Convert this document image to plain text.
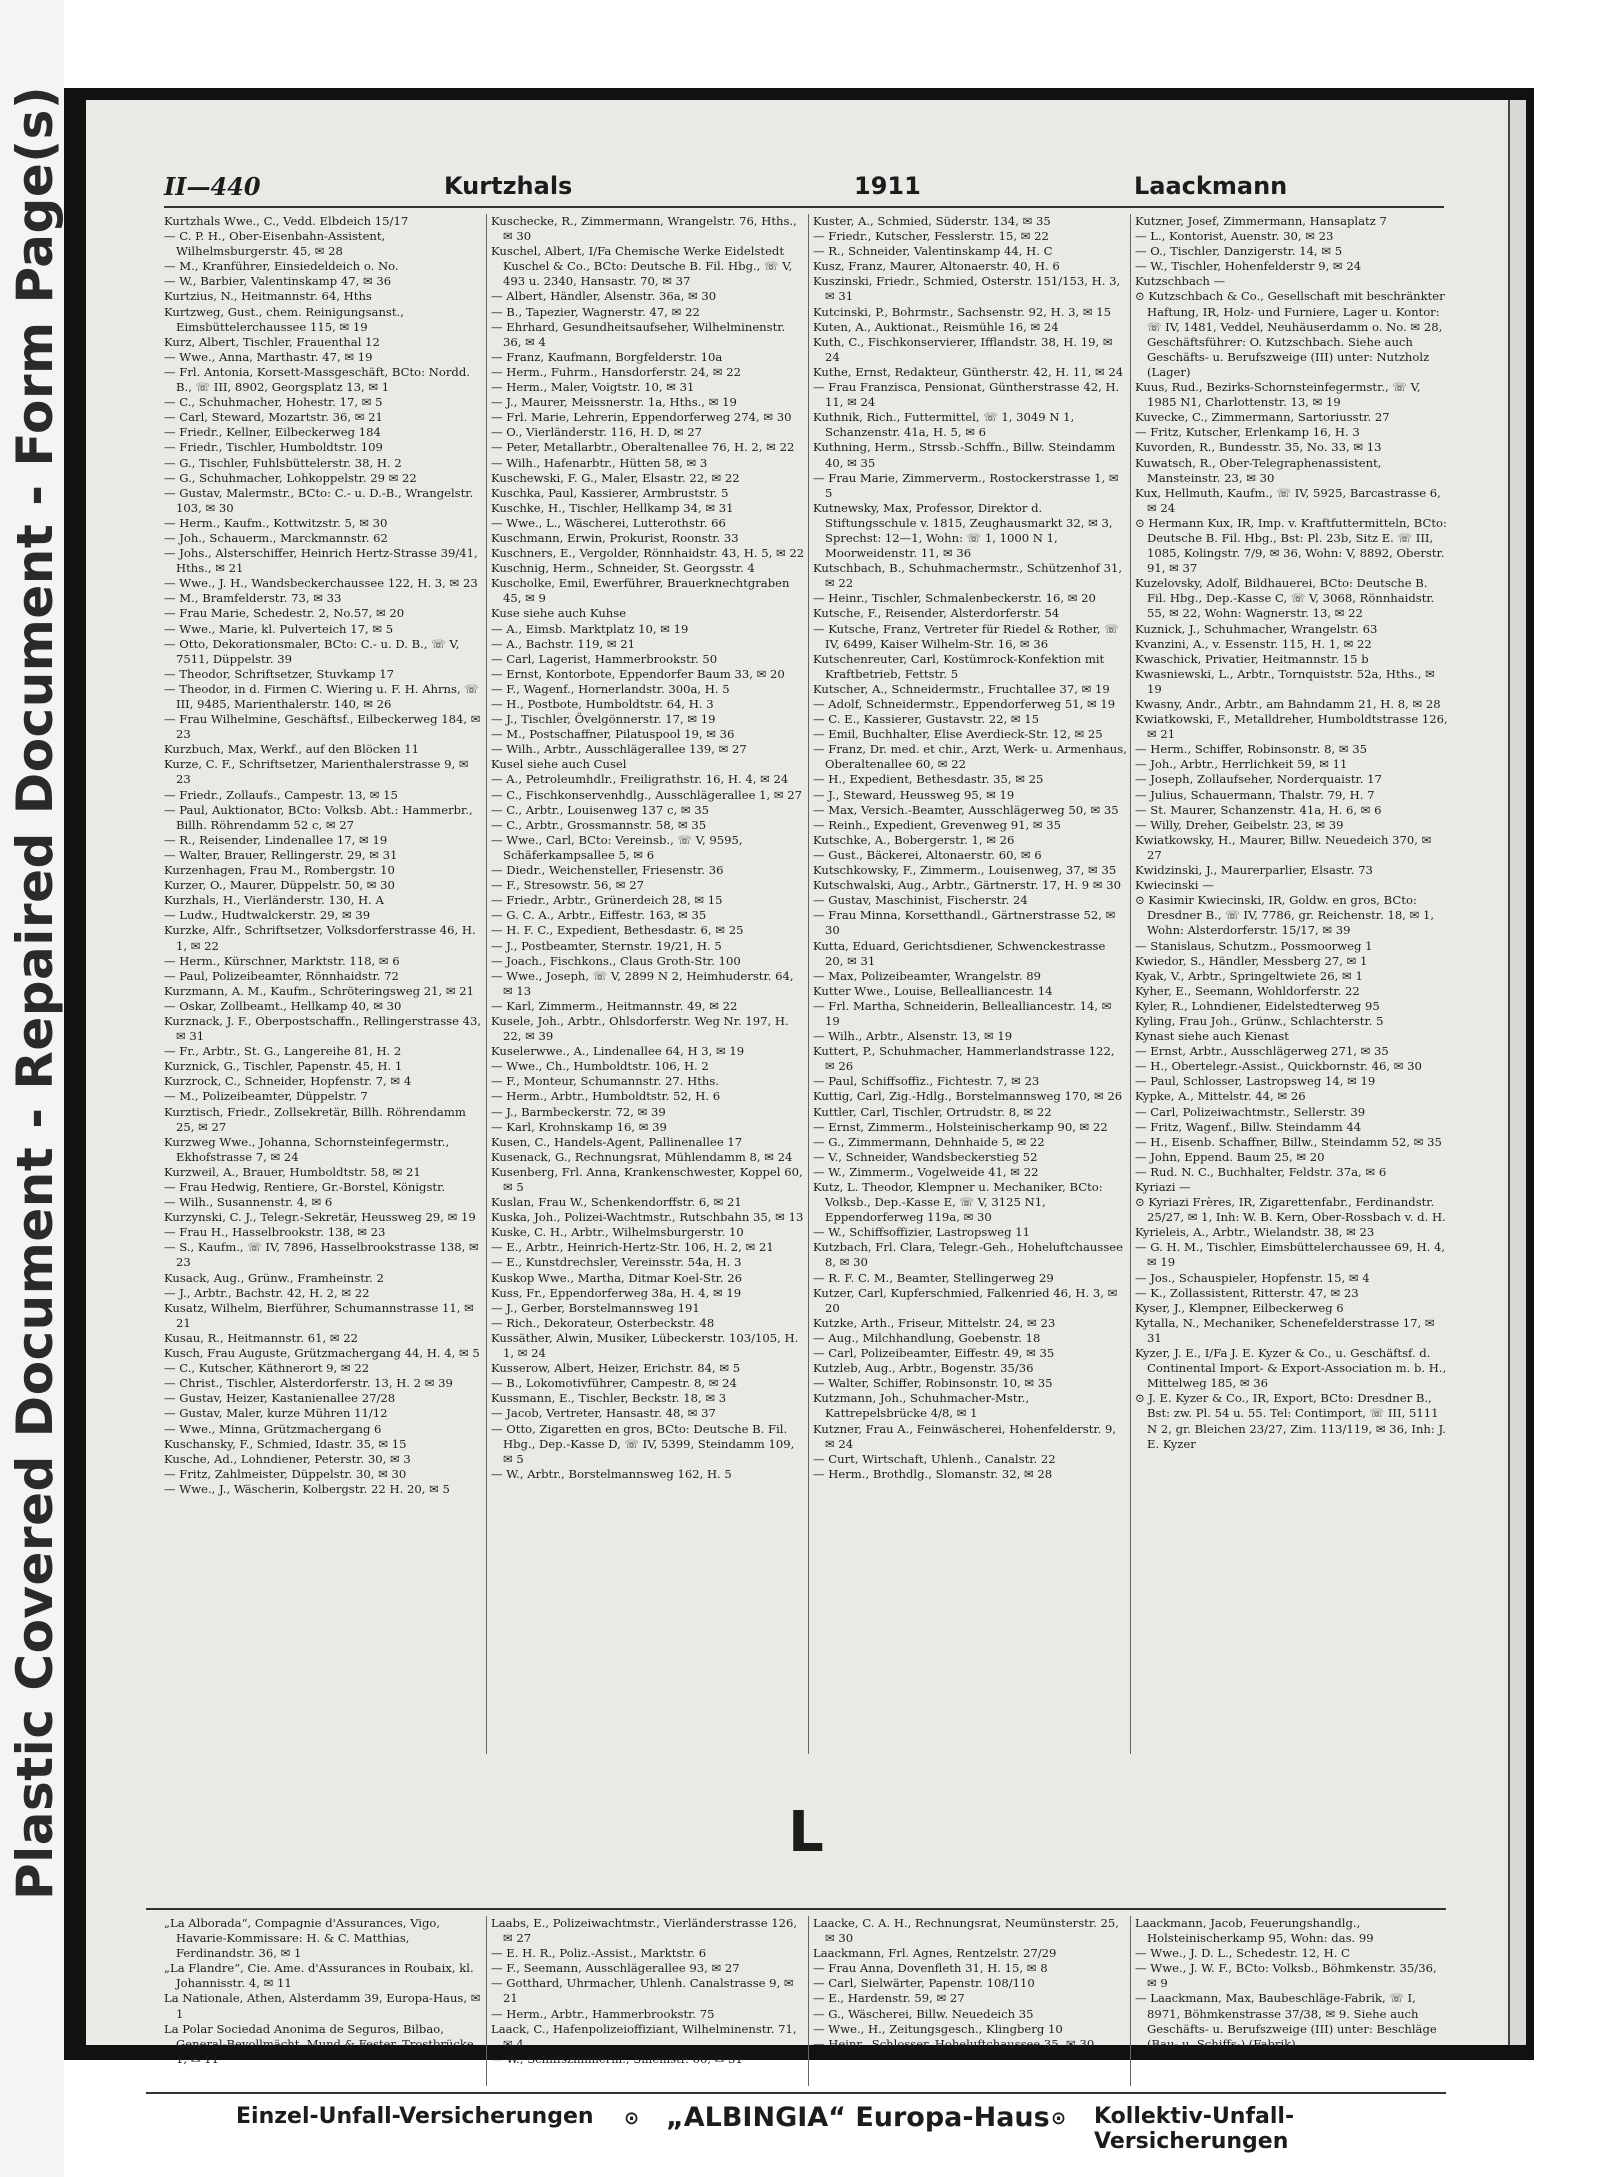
Plastic Covered Document - Repaired Document - Form Page(s)	II—440	Kurtzhals	1911	Laackmann

Kurtzhals Wwe., C., Vedd. Elbdeich 15/17

— C. P. H., Ober-Eisenbahn-Assistent, Wilhelmsburgerstr. 45, ✉ 28

— M., Kranführer, Einsiedeldeich o. No.

— W., Barbier, Valentinskamp 47, ✉ 36

Kurtzius, N., Heitmannstr. 64, Hths

Kurtzweg, Gust., chem. Reinigungsanst., Eimsbüttelerchaussee 115, ✉ 19

Kurz, Albert, Tischler, Frauenthal 12

— Wwe., Anna, Marthastr. 47, ✉ 19

— Frl. Antonia, Korsett-Massgeschäft, BCto: Nordd. B., ☏ III, 8902, Georgsplatz 13, ✉ 1

— C., Schuhmacher, Hohestr. 17, ✉ 5

— Carl, Steward, Mozartstr. 36, ✉ 21

— Friedr., Kellner, Eilbeckerweg 184

— Friedr., Tischler, Humboldtstr. 109

— G., Tischler, Fuhlsbüttelerstr. 38, H. 2

— G., Schuhmacher, Lohkoppelstr. 29 ✉ 22

— Gustav, Malermstr., BCto: C.- u. D.-B., Wrangelstr. 103, ✉ 30

— Herm., Kaufm., Kottwitzstr. 5, ✉ 30

— Joh., Schauerm., Marckmannstr. 62

— Johs., Alsterschiffer, Heinrich Hertz-Strasse 39/41, Hths., ✉ 21

— Wwe., J. H., Wandsbeckerchaussee 122, H. 3, ✉ 23

— M., Bramfelderstr. 73, ✉ 33

— Frau Marie, Schedestr. 2, No.57, ✉ 20

— Wwe., Marie, kl. Pulverteich 17, ✉ 5

— Otto, Dekorationsmaler, BCto: C.- u. D. B., ☏ V, 7511, Düppelstr. 39

— Theodor, Schriftsetzer, Stuvkamp 17

— Theodor, in d. Firmen C. Wiering u. F. H. Ahrns, ☏ III, 9485, Marienthalerstr. 140, ✉ 26

— Frau Wilhelmine, Geschäftsf., Eilbeckerweg 184, ✉ 23

Kurzbuch, Max, Werkf., auf den Blöcken 11

Kurze, C. F., Schriftsetzer, Marienthalerstrasse 9, ✉ 23

— Friedr., Zollaufs., Campestr. 13, ✉ 15

— Paul, Auktionator, BCto: Volksb. Abt.: Hammerbr., Billh. Röhrendamm 52 c, ✉ 27

— R., Reisender, Lindenallee 17, ✉ 19

— Walter, Brauer, Rellingerstr. 29, ✉ 31

Kurzenhagen, Frau M., Rombergstr. 10

Kurzer, O., Maurer, Düppelstr. 50, ✉ 30

Kurzhals, H., Vierländerstr. 130, H. A

— Ludw., Hudtwalckerstr. 29, ✉ 39

Kurzke, Alfr., Schriftsetzer, Volksdorferstrasse 46, H. 1, ✉ 22

— Herm., Kürschner, Marktstr. 118, ✉ 6

— Paul, Polizeibeamter, Rönnhaidstr. 72

Kurzmann, A. M., Kaufm., Schröteringsweg 21, ✉ 21

— Oskar, Zollbeamt., Hellkamp 40, ✉ 30

Kurznack, J. F., Oberpostschaffn., Rellingerstrasse 43, ✉ 31

— Fr., Arbtr., St. G., Langereihe 81, H. 2

Kurznick, G., Tischler, Papenstr. 45, H. 1

Kurzrock, C., Schneider, Hopfenstr. 7, ✉ 4

— M., Polizeibeamter, Düppelstr. 7

Kurztisch, Friedr., Zollsekretär, Billh. Röhrendamm 25, ✉ 27

Kurzweg Wwe., Johanna, Schornsteinfegermstr., Ekhofstrasse 7, ✉ 24

Kurzweil, A., Brauer, Humboldtstr. 58, ✉ 21

— Frau Hedwig, Rentiere, Gr.-Borstel, Königstr.

— Wilh., Susannenstr. 4, ✉ 6

Kurzynski, C. J., Telegr.-Sekretär, Heussweg 29, ✉ 19

— Frau H., Hasselbrookstr. 138, ✉ 23

— S., Kaufm., ☏ IV, 7896, Hasselbrookstrasse 138, ✉ 23

Kusack, Aug., Grünw., Framheinstr. 2

— J., Arbtr., Bachstr. 42, H. 2, ✉ 22

Kusatz, Wilhelm, Bierführer, Schumannstrasse 11, ✉ 21

Kusau, R., Heitmannstr. 61, ✉ 22

Kusch, Frau Auguste, Grützmachergang 44, H. 4, ✉ 5

— C., Kutscher, Käthnerort 9, ✉ 22

— Christ., Tischler, Alsterdorferstr. 13, H. 2 ✉ 39

— Gustav, Heizer, Kastanienallee 27/28

— Gustav, Maler, kurze Mühren 11/12

— Wwe., Minna, Grützmachergang 6

Kuschansky, F., Schmied, Idastr. 35, ✉ 15

Kusche, Ad., Lohndiener, Peterstr. 30, ✉ 3

— Fritz, Zahlmeister, Düppelstr. 30, ✉ 30

— Wwe., J., Wäscherin, Kolbergstr. 22 H. 20, ✉ 5

Kuschecke, R., Zimmermann, Wrangelstr. 76, Hths., ✉ 30

Kuschel, Albert, I/Fa Chemische Werke Eidelstedt Kuschel & Co., BCto: Deutsche B. Fil. Hbg., ☏ V, 493 u. 2340, Hansastr. 70, ✉ 37

— Albert, Händler, Alsenstr. 36a, ✉ 30

— B., Tapezier, Wagnerstr. 47, ✉ 22

— Ehrhard, Gesundheitsaufseher, Wilhelminenstr. 36, ✉ 4

— Franz, Kaufmann, Borgfelderstr. 10a

— Herm., Fuhrm., Hansdorferstr. 24, ✉ 22

— Herm., Maler, Voigtstr. 10, ✉ 31

— J., Maurer, Meissnerstr. 1a, Hths., ✉ 19

— Frl. Marie, Lehrerin, Eppendorferweg 274, ✉ 30

— O., Vierländerstr. 116, H. D, ✉ 27

— Peter, Metallarbtr., Oberaltenallee 76, H. 2, ✉ 22

— Wilh., Hafenarbtr., Hütten 58, ✉ 3

Kuschewski, F. G., Maler, Elsastr. 22, ✉ 22

Kuschka, Paul, Kassierer, Armbruststr. 5

Kuschke, H., Tischler, Hellkamp 34, ✉ 31

— Wwe., L., Wäscherei, Lutterothstr. 66

Kuschmann, Erwin, Prokurist, Roonstr. 33

Kuschners, E., Vergolder, Rönnhaidstr. 43, H. 5, ✉ 22

Kuschnig, Herm., Schneider, St. Georgsstr. 4

Kuscholke, Emil, Ewerführer, Brauerknechtgraben 45, ✉ 9

Kuse siehe auch Kuhse

— A., Eimsb. Marktplatz 10, ✉ 19

— A., Bachstr. 119, ✉ 21

— Carl, Lagerist, Hammerbrookstr. 50

— Ernst, Kontorbote, Eppendorfer Baum 33, ✉ 20

— F., Wagenf., Hornerlandstr. 300a, H. 5

— H., Postbote, Humboldtstr. 64, H. 3

— J., Tischler, Övelgönnerstr. 17, ✉ 19

— M., Postschaffner, Pilatuspool 19, ✉ 36

— Wilh., Arbtr., Ausschlägerallee 139, ✉ 27

Kusel siehe auch Cusel

— A., Petroleumhdlr., Freiligrathstr. 16, H. 4, ✉ 24

— C., Fischkonservenhdlg., Ausschlägerallee 1, ✉ 27

— C., Arbtr., Louisenweg 137 c, ✉ 35

— C., Arbtr., Grossmannstr. 58, ✉ 35

— Wwe., Carl, BCto: Vereinsb., ☏ V, 9595, Schäferkampsallee 5, ✉ 6

— Diedr., Weichensteller, Friesenstr. 36

— F., Stresowstr. 56, ✉ 27

— Friedr., Arbtr., Grünerdeich 28, ✉ 15

— G. C. A., Arbtr., Eiffestr. 163, ✉ 35

— H. F. C., Expedient, Bethesdastr. 6, ✉ 25

— J., Postbeamter, Sternstr. 19/21, H. 5

— Joach., Fischkons., Claus Groth-Str. 100

— Wwe., Joseph, ☏ V, 2899 N 2, Heimhuderstr. 64, ✉ 13

— Karl, Zimmerm., Heitmannstr. 49, ✉ 22

Kusele, Joh., Arbtr., Ohlsdorferstr. Weg Nr. 197, H. 22, ✉ 39

Kuselerwwe., A., Lindenallee 64, H 3, ✉ 19

— Wwe., Ch., Humboldtstr. 106, H. 2

— F., Monteur, Schumannstr. 27. Hths.

— Herm., Arbtr., Humboldtstr. 52, H. 6

— J., Barmbeckerstr. 72, ✉ 39

— Karl, Krohnskamp 16, ✉ 39

Kusen, C., Handels-Agent, Pallinenallee 17

Kusenack, G., Rechnungsrat, Mühlendamm 8, ✉ 24

Kusenberg, Frl. Anna, Krankenschwester, Koppel 60, ✉ 5

Kuslan, Frau W., Schenkendorffstr. 6, ✉ 21

Kuska, Joh., Polizei-Wachtmstr., Rutschbahn 35, ✉ 13

Kuske, C. H., Arbtr., Wilhelmsburgerstr. 10

— E., Arbtr., Heinrich-Hertz-Str. 106, H. 2, ✉ 21

— E., Kunstdrechsler, Vereinsstr. 54a, H. 3

Kuskop Wwe., Martha, Ditmar Koel-Str. 26

Kuss, Fr., Eppendorferweg 38a, H. 4, ✉ 19

— J., Gerber, Borstelmannsweg 191

— Rich., Dekorateur, Osterbeckstr. 48

Kussäther, Alwin, Musiker, Lübeckerstr. 103/105, H. 1, ✉ 24

Kusserow, Albert, Heizer, Erichstr. 84, ✉ 5

— B., Lokomotivführer, Campestr. 8, ✉ 24

Kussmann, E., Tischler, Beckstr. 18, ✉ 3

— Jacob, Vertreter, Hansastr. 48, ✉ 37

— Otto, Zigaretten en gros, BCto: Deutsche B. Fil. Hbg., Dep.-Kasse D, ☏ IV, 5399, Steindamm 109, ✉ 5

— W., Arbtr., Borstelmannsweg 162, H. 5

Kuster, A., Schmied, Süderstr. 134, ✉ 35

— Friedr., Kutscher, Fesslerstr. 15, ✉ 22

— R., Schneider, Valentinskamp 44, H. C

Kusz, Franz, Maurer, Altonaerstr. 40, H. 6

Kuszinski, Friedr., Schmied, Osterstr. 151/153, H. 3, ✉ 31

Kutcinski, P., Bohrmstr., Sachsenstr. 92, H. 3, ✉ 15

Kuten, A., Auktionat., Reismühle 16, ✉ 24

Kuth, C., Fischkonservierer, Ifflandstr. 38, H. 19, ✉ 24

Kuthe, Ernst, Redakteur, Güntherstr. 42, H. 11, ✉ 24

— Frau Franzisca, Pensionat, Güntherstrasse 42, H. 11, ✉ 24

Kuthnik, Rich., Futtermittel, ☏ 1, 3049 N 1, Schanzenstr. 41a, H. 5, ✉ 6

Kuthning, Herm., Strssb.-Schffn., Billw. Steindamm 40, ✉ 35

— Frau Marie, Zimmerverm., Rostockerstrasse 1, ✉ 5

Kutnewsky, Max, Professor, Direktor d. Stiftungsschule v. 1815, Zeughausmarkt 32, ✉ 3, Sprechst: 12—1, Wohn: ☏ 1, 1000 N 1, Moorweidenstr. 11, ✉ 36

Kutschbach, B., Schuhmachermstr., Schützenhof 31, ✉ 22

— Heinr., Tischler, Schmalenbeckerstr. 16, ✉ 20

Kutsche, F., Reisender, Alsterdorferstr. 54

— Kutsche, Franz, Vertreter für Riedel & Rother, ☏ IV, 6499, Kaiser Wilhelm-Str. 16, ✉ 36

Kutschenreuter, Carl, Kostümrock-Konfektion mit Kraftbetrieb, Fettstr. 5

Kutscher, A., Schneidermstr., Fruchtallee 37, ✉ 19

— Adolf, Schneidermstr., Eppendorferweg 51, ✉ 19

— C. E., Kassierer, Gustavstr. 22, ✉ 15

— Emil, Buchhalter, Elise Averdieck-Str. 12, ✉ 25

— Franz, Dr. med. et chir., Arzt, Werk- u. Armenhaus, Oberaltenallee 60, ✉ 22

— H., Expedient, Bethesdastr. 35, ✉ 25

— J., Steward, Heussweg 95, ✉ 19

— Max, Versich.-Beamter, Ausschlägerweg 50, ✉ 35

— Reinh., Expedient, Grevenweg 91, ✉ 35

Kutschke, A., Bobergerstr. 1, ✉ 26

— Gust., Bäckerei, Altonaerstr. 60, ✉ 6

Kutschkowsky, F., Zimmerm., Louisenweg, 37, ✉ 35

Kutschwalski, Aug., Arbtr., Gärtnerstr. 17, H. 9 ✉ 30

— Gustav, Maschinist, Fischerstr. 24

— Frau Minna, Korsetthandl., Gärtnerstrasse 52, ✉ 30

Kutta, Eduard, Gerichtsdiener, Schwenckestrasse 20, ✉ 31

— Max, Polizeibeamter, Wrangelstr. 89

Kutter Wwe., Louise, Bellealliancestr. 14

— Frl. Martha, Schneiderin, Bellealliancestr. 14, ✉ 19

— Wilh., Arbtr., Alsenstr. 13, ✉ 19

Kuttert, P., Schuhmacher, Hammerlandstrasse 122, ✉ 26

— Paul, Schiffsoffiz., Fichtestr. 7, ✉ 23

Kuttig, Carl, Zig.-Hdlg., Borstelmannsweg 170, ✉ 26

Kuttler, Carl, Tischler, Ortrudstr. 8, ✉ 22

— Ernst, Zimmerm., Holsteinischerkamp 90, ✉ 22

— G., Zimmermann, Dehnhaide 5, ✉ 22

— V., Schneider, Wandsbeckerstieg 52

— W., Zimmerm., Vogelweide 41, ✉ 22

Kutz, L. Theodor, Klempner u. Mechaniker, BCto: Volksb., Dep.-Kasse E, ☏ V, 3125 N1, Eppendorferweg 119a, ✉ 30

— W., Schiffsoffizier, Lastropsweg 11

Kutzbach, Frl. Clara, Telegr.-Geh., Hoheluftchaussee 8, ✉ 30

— R. F. C. M., Beamter, Stellingerweg 29

Kutzer, Carl, Kupferschmied, Falkenried 46, H. 3, ✉ 20

Kutzke, Arth., Friseur, Mittelstr. 24, ✉ 23

— Aug., Milchhandlung, Goebenstr. 18

— Carl, Polizeibeamter, Eiffestr. 49, ✉ 35

Kutzleb, Aug., Arbtr., Bogenstr. 35/36

— Walter, Schiffer, Robinsonstr. 10, ✉ 35

Kutzmann, Joh., Schuhmacher-Mstr., Kattrepelsbrücke 4/8, ✉ 1

Kutzner, Frau A., Feinwäscherei, Hohenfelderstr. 9, ✉ 24

— Curt, Wirtschaft, Uhlenh., Canalstr. 22

— Herm., Brothdlg., Slomanstr. 32, ✉ 28

Kutzner, Josef, Zimmermann, Hansaplatz 7

— L., Kontorist, Auenstr. 30, ✉ 23

— O., Tischler, Danzigerstr. 14, ✉ 5

— W., Tischler, Hohenfelderstr 9, ✉ 24

Kutzschbach —

⊙ Kutzschbach & Co., Gesellschaft mit beschränkter Haftung, IR, Holz- und Furniere, Lager u. Kontor: ☏ IV, 1481, Veddel, Neuhäuserdamm o. No. ✉ 28, Geschäftsführer: O. Kutzschbach. Siehe auch Geschäfts- u. Berufszweige (III) unter: Nutzholz (Lager)

Kuus, Rud., Bezirks-Schornsteinfegermstr., ☏ V, 1985 N1, Charlottenstr. 13, ✉ 19

Kuvecke, C., Zimmermann, Sartoriusstr. 27

— Fritz, Kutscher, Erlenkamp 16, H. 3

Kuvorden, R., Bundesstr. 35, No. 33, ✉ 13

Kuwatsch, R., Ober-Telegraphenassistent, Mansteinstr. 23, ✉ 30

Kux, Hellmuth, Kaufm., ☏ IV, 5925, Barcastrasse 6, ✉ 24

⊙ Hermann Kux, IR, Imp. v. Kraftfuttermitteln, BCto: Deutsche B. Fil. Hbg., Bst: Pl. 23b, Sitz E. ☏ III, 1085, Kolingstr. 7/9, ✉ 36, Wohn: V, 8892, Oberstr. 91, ✉ 37

Kuzelovsky, Adolf, Bildhauerei, BCto: Deutsche B. Fil. Hbg., Dep.-Kasse C, ☏ V, 3068, Rönnhaidstr. 55, ✉ 22, Wohn: Wagnerstr. 13, ✉ 22

Kuznick, J., Schuhmacher, Wrangelstr. 63

Kvanzini, A., v. Essenstr. 115, H. 1, ✉ 22

Kwaschick, Privatier, Heitmannstr. 15 b

Kwasniewski, L., Arbtr., Tornquiststr. 52a, Hths., ✉ 19

Kwasny, Andr., Arbtr., am Bahndamm 21, H. 8, ✉ 28

Kwiatkowski, F., Metalldreher, Humboldtstrasse 126, ✉ 21

— Herm., Schiffer, Robinsonstr. 8, ✉ 35

— Joh., Arbtr., Herrlichkeit 59, ✉ 11

— Joseph, Zollaufseher, Norderquaistr. 17

— Julius, Schauermann, Thalstr. 79, H. 7

— St. Maurer, Schanzenstr. 41a, H. 6, ✉ 6

— Willy, Dreher, Geibelstr. 23, ✉ 39

Kwiatkowsky, H., Maurer, Billw. Neuedeich 370, ✉ 27

Kwidzinski, J., Maurerparlier, Elsastr. 73

Kwiecinski —

⊙ Kasimir Kwiecinski, IR, Goldw. en gros, BCto: Dresdner B., ☏ IV, 7786, gr. Reichenstr. 18, ✉ 1, Wohn: Alsterdorferstr. 15/17, ✉ 39

— Stanislaus, Schutzm., Possmoorweg 1

Kwiedor, S., Händler, Messberg 27, ✉ 1

Kyak, V., Arbtr., Springeltwiete 26, ✉ 1

Kyher, E., Seemann, Wohldorferstr. 22

Kyler, R., Lohndiener, Eidelstedterweg 95

Kyling, Frau Joh., Grünw., Schlachterstr. 5

Kynast siehe auch Kienast

— Ernst, Arbtr., Ausschlägerweg 271, ✉ 35

— H., Obertelegr.-Assist., Quickbornstr. 46, ✉ 30

— Paul, Schlosser, Lastropsweg 14, ✉ 19

Kypke, A., Mittelstr. 44, ✉ 26

— Carl, Polizeiwachtmstr., Sellerstr. 39

— Fritz, Wagenf., Billw. Steindamm 44

— H., Eisenb. Schaffner, Billw., Steindamm 52, ✉ 35

— John, Eppend. Baum 25, ✉ 20

— Rud. N. C., Buchhalter, Feldstr. 37a, ✉ 6

Kyriazi —

⊙ Kyriazi Frères, IR, Zigarettenfabr., Ferdinandstr. 25/27, ✉ 1, Inh: W. B. Kern, Ober-Rossbach v. d. H.

Kyrieleis, A., Arbtr., Wielandstr. 38, ✉ 23

— G. H. M., Tischler, Eimsbüttelerchaussee 69, H. 4, ✉ 19

— Jos., Schauspieler, Hopfenstr. 15, ✉ 4

— K., Zollassistent, Ritterstr. 47, ✉ 23

Kyser, J., Klempner, Eilbeckerweg 6

Kytalla, N., Mechaniker, Schenefelderstrasse 17, ✉ 31

Kyzer, J. E., I/Fa J. E. Kyzer & Co., u. Geschäftsf. d. Continental Import- & Export-Association m. b. H., Mittelweg 185, ✉ 36

⊙ J. E. Kyzer & Co., IR, Export, BCto: Dresdner B., Bst: zw. Pl. 54 u. 55. Tel: Contimport, ☏ III, 5111 N 2, gr. Bleichen 23/27, Zim. 113/119, ✉ 36, Inh: J. E. Kyzer

L

„La Alborada“, Compagnie d'Assurances, Vigo, Havarie-Kommissare: H. & C. Matthias, Ferdinandstr. 36, ✉ 1

„La Flandre“, Cie. Ame. d'Assurances in Roubaix, kl. Johannisstr. 4, ✉ 11

La Nationale, Athen, Alsterdamm 39, Europa-Haus, ✉ 1

La Polar Sociedad Anonima de Seguros, Bilbao, General-Bevollmächt. Mund & Fester, Trostbrücke 1, ✉ 11

Laabs, E., Polizeiwachtmstr., Vierländerstrasse 126, ✉ 27

— E. H. R., Poliz.-Assist., Marktstr. 6

— F., Seemann, Ausschlägerallee 93, ✉ 27

— Gotthard, Uhrmacher, Uhlenh. Canalstrasse 9, ✉ 21

— Herm., Arbtr., Hammerbrookstr. 75

Laack, C., Hafenpolizeioffiziant, Wilhelminenstr. 71, ✉ 4

— W., Schiffszimmerm., Sillemstr. 66, ✉ 31

Laacke, C. A. H., Rechnungsrat, Neumünsterstr. 25, ✉ 30

Laackmann, Frl. Agnes, Rentzelstr. 27/29

— Frau Anna, Dovenfleth 31, H. 15, ✉ 8

— Carl, Sielwärter, Papenstr. 108/110

— E., Hardenstr. 59, ✉ 27

— G., Wäscherei, Billw. Neuedeich 35

— Wwe., H., Zeitungsgesch., Klingberg 10

— Heinr., Schlosser, Hoheluftchaussee 35, ✉ 30

Laackmann, Jacob, Feuerungshandlg., Holsteinischerkamp 95, Wohn: das. 99

— Wwe., J. D. L., Schedestr. 12, H. C

— Wwe., J. W. F., BCto: Volksb., Böhmkenstr. 35/36, ✉ 9

— Laackmann, Max, Baubeschläge-Fabrik, ☏ I, 8971, Böhmkenstrasse 37/38, ✉ 9. Siehe auch Geschäfts- u. Berufszweige (III) unter: Beschläge (Bau- u. Schiffs-) (Fabrik)

Einzel-Unfall-Versicherungen ⊙ „ALBINGIA“ Europa-Haus ⊙ Kollektiv-Unfall-Versicherungen
